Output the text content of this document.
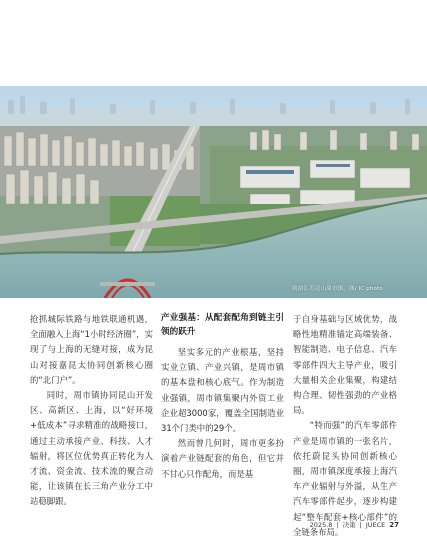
航拍江苏昆山周市镇。图/ IC photo

抢抓城际铁路与地铁联通机遇，全面融入上海“1小时经济圈”，实现了与上海的无缝对接，成为昆山对接嘉昆太协同创新核心圈的“北门户”。

同时，周市镇协同昆山开发区、高新区、上海，以“好环境+低成本”寻求精准的战略接口，通过主动承接产业、科技、人才辐射，将区位优势真正转化为人才流、资金流、技术流的聚合动能，让该镇在长三角产业分工中站稳脚跟。

产业强基：从配套配角到链主引领的跃升

坚实多元的产业根基，坚持实业立镇、产业兴镇，是周市镇的基本盘和核心底气。作为制造业强镇，周市镇集聚内外资工业企业超3000家，覆盖全国制造业31个门类中的29个。

然而曾几何时，周市更多扮演着产业链配套的角色，但它并不甘心只作配角，而是基

于自身基础与区域优势，战略性地精准锚定高端装备、智能制造、电子信息、汽车零部件四大主导产业，吸引大量相关企业集聚，构建结构合理、韧性强劲的产业格局。

“特而强”的汽车零部件产业是周市镇的一张名片，依托蔚昆头协同创新核心圈，周市镇深度承接上海汽车产业辐射与外溢，从生产汽车零部件起步，逐步构建起“整车配套+核心部件”的全链条布局。

2025.8 | 决策 | JUECE 27
